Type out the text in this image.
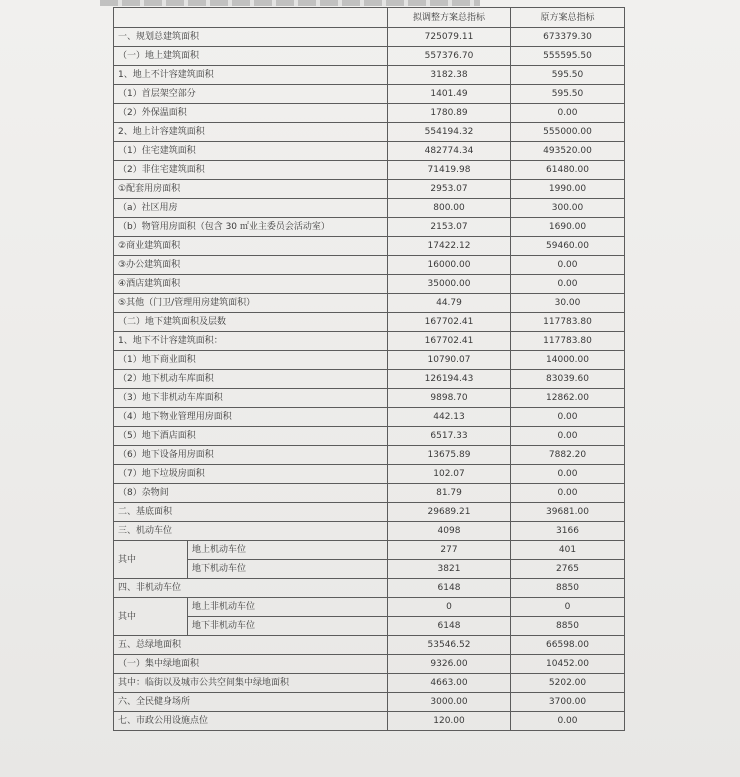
		拟调整方案总指标	原方案总指标
一、规划总建筑面积		725079.11	673379.30
（一）地上建筑面积		557376.70	555595.50
1、地上不计容建筑面积		3182.38	595.50
（1）首层架空部分		1401.49	595.50
（2）外保温面积		1780.89	0.00
2、地上计容建筑面积		554194.32	555000.00
（1）住宅建筑面积		482774.34	493520.00
（2）非住宅建筑面积		71419.98	61480.00
①配套用房面积		2953.07	1990.00
（a）社区用房		800.00	300.00
（b）物管用房面积（包含 30 ㎡业主委员会活动室）		2153.07	1690.00
②商业建筑面积		17422.12	59460.00
③办公建筑面积		16000.00	0.00
④酒店建筑面积		35000.00	0.00
⑤其他（门卫/管理用房建筑面积）		44.79	30.00
（二）地下建筑面积及层数		167702.41	117783.80
1、地下不计容建筑面积：		167702.41	117783.80
（1）地下商业面积		10790.07	14000.00
（2）地下机动车库面积		126194.43	83039.60
（3）地下非机动车库面积		9898.70	12862.00
（4）地下物业管理用房面积		442.13	0.00
（5）地下酒店面积		6517.33	0.00
（6）地下设备用房面积		13675.89	7882.20
（7）地下垃圾房面积		102.07	0.00
（8）杂物间		81.79	0.00
二、基底面积		29689.21	39681.00
三、机动车位		4098	3166
其中	地上机动车位	277	401
	地下机动车位	3821	2765
四、非机动车位		6148	8850
其中	地上非机动车位	0	0
	地下非机动车位	6148	8850
五、总绿地面积		53546.52	66598.00
（一）集中绿地面积		9326.00	10452.00
其中：临街以及城市公共空间集中绿地面积		4663.00	5202.00
六、全民健身场所		3000.00	3700.00
七、市政公用设施点位		120.00	0.00
